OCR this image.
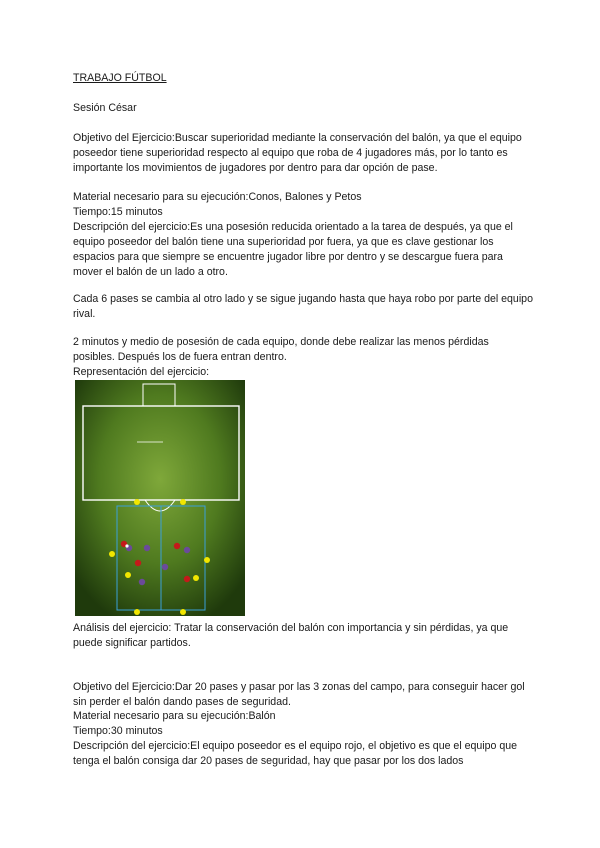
TRABAJO FÚTBOL

Sesión César

Objetivo del Ejercicio:Buscar superioridad mediante la conservación del balón, ya que el equipo poseedor tiene superioridad respecto al equipo que roba de 4 jugadores más, por lo tanto es importante los movimientos de jugadores por dentro para dar opción de pase.

Material necesario para su ejecución:Conos, Balones y Petos

Tiempo:15 minutos

Descripción del ejercicio:Es una posesión reducida orientado a la tarea de después, ya que el equipo poseedor del balón tiene una superioridad por fuera, ya que es clave gestionar los espacios para que siempre se encuentre jugador libre por dentro y se descargue fuera para mover el balón de un lado a otro.

Cada 6 pases se cambia al otro lado y se sigue jugando hasta que haya robo por parte del equipo rival.

2 minutos y medio de posesión de cada equipo, donde debe realizar las menos pérdidas posibles. Después los de fuera entran dentro.

Representación del ejercicio:

Análisis del ejercicio: Tratar la conservación del balón con importancia y sin pérdidas, ya que puede significar partidos.

Objetivo del Ejercicio:Dar 20 pases y pasar por las 3 zonas del campo, para conseguir hacer gol sin perder el balón dando pases de seguridad.

Material necesario para su ejecución:Balón

Tiempo:30 minutos

Descripción del ejercicio:El equipo poseedor es el equipo rojo, el objetivo es que el equipo que tenga el balón consiga dar 20 pases de seguridad, hay que pasar por los dos lados
